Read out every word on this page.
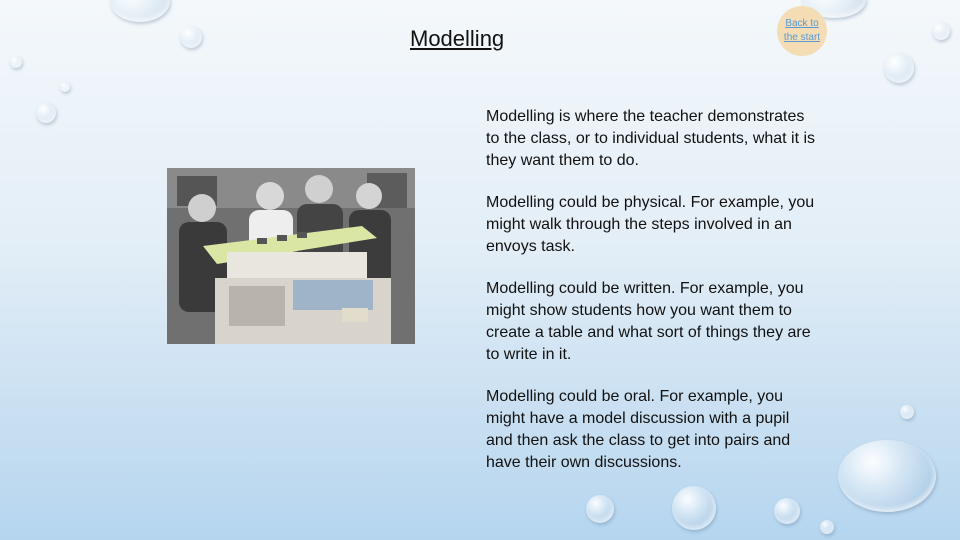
Modelling
Back to the start

Modelling is where the teacher demonstrates to the class, or to individual students, what it is they want them to do.

Modelling could be physical. For example, you might walk through the steps involved in an envoys task.

Modelling could be written. For example, you might show students how you want them to create a table and what sort of things they are to write in it.

Modelling could be oral. For example, you might have a model discussion with a pupil and then ask the class to get into pairs and have their own discussions.
